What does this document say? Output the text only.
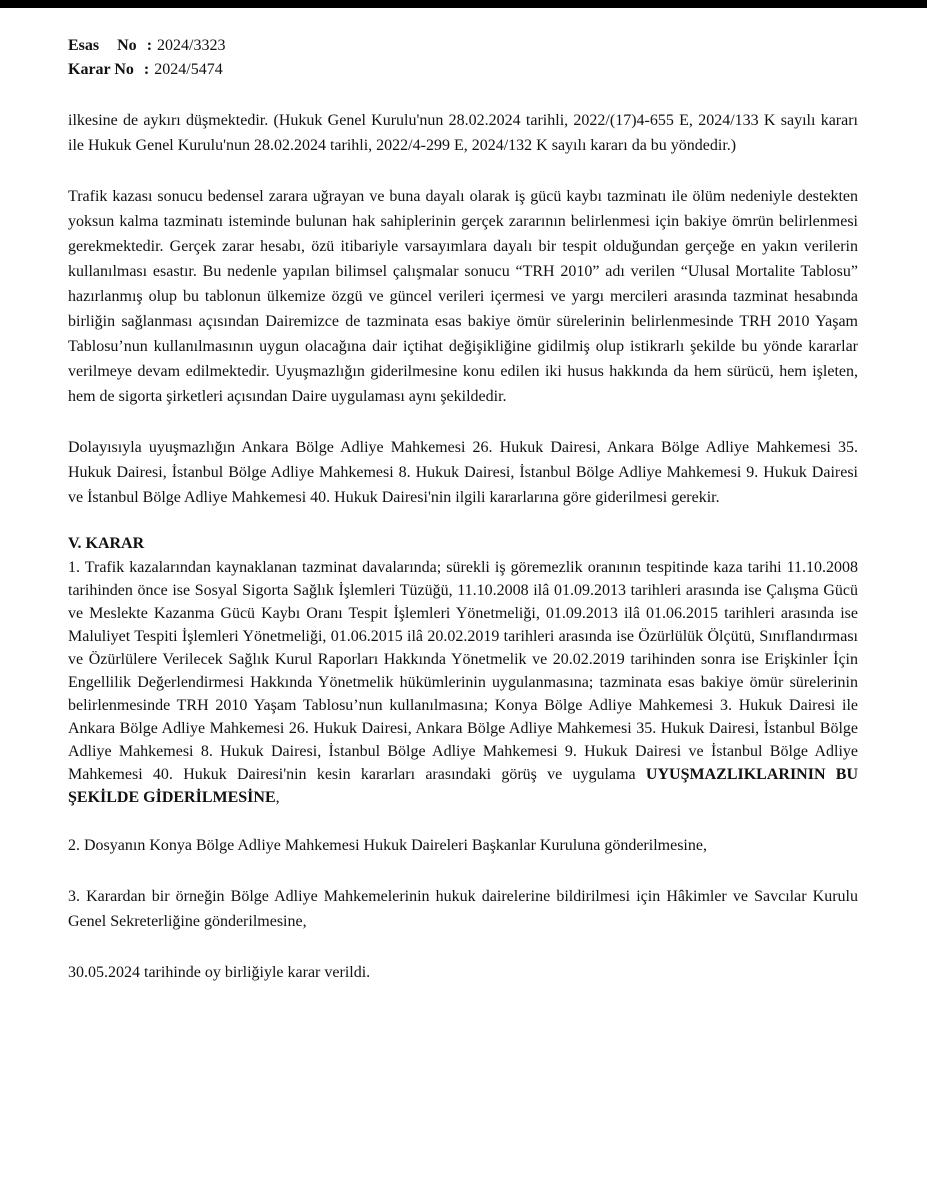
Esas No : 2024/3323
Karar No : 2024/5474

ilkesine de aykırı düşmektedir. (Hukuk Genel Kurulu'nun 28.02.2024 tarihli, 2022/(17)4-655 E, 2024/133 K sayılı kararı ile Hukuk Genel Kurulu'nun 28.02.2024 tarihli, 2022/4-299 E, 2024/132 K sayılı kararı da bu yöndedir.)

Trafik kazası sonucu bedensel zarara uğrayan ve buna dayalı olarak iş gücü kaybı tazminatı ile ölüm nedeniyle destekten yoksun kalma tazminatı isteminde bulunan hak sahiplerinin gerçek zararının belirlenmesi için bakiye ömrün belirlenmesi gerekmektedir. Gerçek zarar hesabı, özü itibariyle varsayımlara dayalı bir tespit olduğundan gerçeğe en yakın verilerin kullanılması esastır. Bu nedenle yapılan bilimsel çalışmalar sonucu “TRH 2010” adı verilen “Ulusal Mortalite Tablosu” hazırlanmış olup bu tablonun ülkemize özgü ve güncel verileri içermesi ve yargı mercileri arasında tazminat hesabında birliğin sağlanması açısından Dairemizce de tazminata esas bakiye ömür sürelerinin belirlenmesinde TRH 2010 Yaşam Tablosu’nun kullanılmasının uygun olacağına dair içtihat değişikliğine gidilmiş olup istikrarlı şekilde bu yönde kararlar verilmeye devam edilmektedir. Uyuşmazlığın giderilmesine konu edilen iki husus hakkında da hem sürücü, hem işleten, hem de sigorta şirketleri açısından Daire uygulaması aynı şekildedir.

Dolayısıyla uyuşmazlığın Ankara Bölge Adliye Mahkemesi 26. Hukuk Dairesi, Ankara Bölge Adliye Mahkemesi 35. Hukuk Dairesi, İstanbul Bölge Adliye Mahkemesi 8. Hukuk Dairesi, İstanbul Bölge Adliye Mahkemesi 9. Hukuk Dairesi ve İstanbul Bölge Adliye Mahkemesi 40. Hukuk Dairesi'nin ilgili kararlarına göre giderilmesi gerekir.

V. KARAR

1. Trafik kazalarından kaynaklanan tazminat davalarında; sürekli iş göremezlik oranının tespitinde kaza tarihi 11.10.2008 tarihinden önce ise Sosyal Sigorta Sağlık İşlemleri Tüzüğü, 11.10.2008 ilâ 01.09.2013 tarihleri arasında ise Çalışma Gücü ve Meslekte Kazanma Gücü Kaybı Oranı Tespit İşlemleri Yönetmeliği, 01.09.2013 ilâ 01.06.2015 tarihleri arasında ise Maluliyet Tespiti İşlemleri Yönetmeliği, 01.06.2015 ilâ 20.02.2019 tarihleri arasında ise Özürlülük Ölçütü, Sınıflandırması ve Özürlülere Verilecek Sağlık Kurul Raporları Hakkında Yönetmelik ve 20.02.2019 tarihinden sonra ise Erişkinler İçin Engellilik Değerlendirmesi Hakkında Yönetmelik hükümlerinin uygulanmasına; tazminata esas bakiye ömür sürelerinin belirlenmesinde TRH 2010 Yaşam Tablosu’nun kullanılmasına; Konya Bölge Adliye Mahkemesi 3. Hukuk Dairesi ile Ankara Bölge Adliye Mahkemesi 26. Hukuk Dairesi, Ankara Bölge Adliye Mahkemesi 35. Hukuk Dairesi, İstanbul Bölge Adliye Mahkemesi 8. Hukuk Dairesi, İstanbul Bölge Adliye Mahkemesi 9. Hukuk Dairesi ve İstanbul Bölge Adliye Mahkemesi 40. Hukuk Dairesi'nin kesin kararları arasındaki görüş ve uygulama UYUŞMAZLIKLARININ BU ŞEKİLDE GİDERİLMESİNE,

2. Dosyanın Konya Bölge Adliye Mahkemesi Hukuk Daireleri Başkanlar Kuruluna gönderilmesine,

3. Karardan bir örneğin Bölge Adliye Mahkemelerinin hukuk dairelerine bildirilmesi için Hâkimler ve Savcılar Kurulu Genel Sekreterliğine gönderilmesine,

30.05.2024 tarihinde oy birliğiyle karar verildi.
